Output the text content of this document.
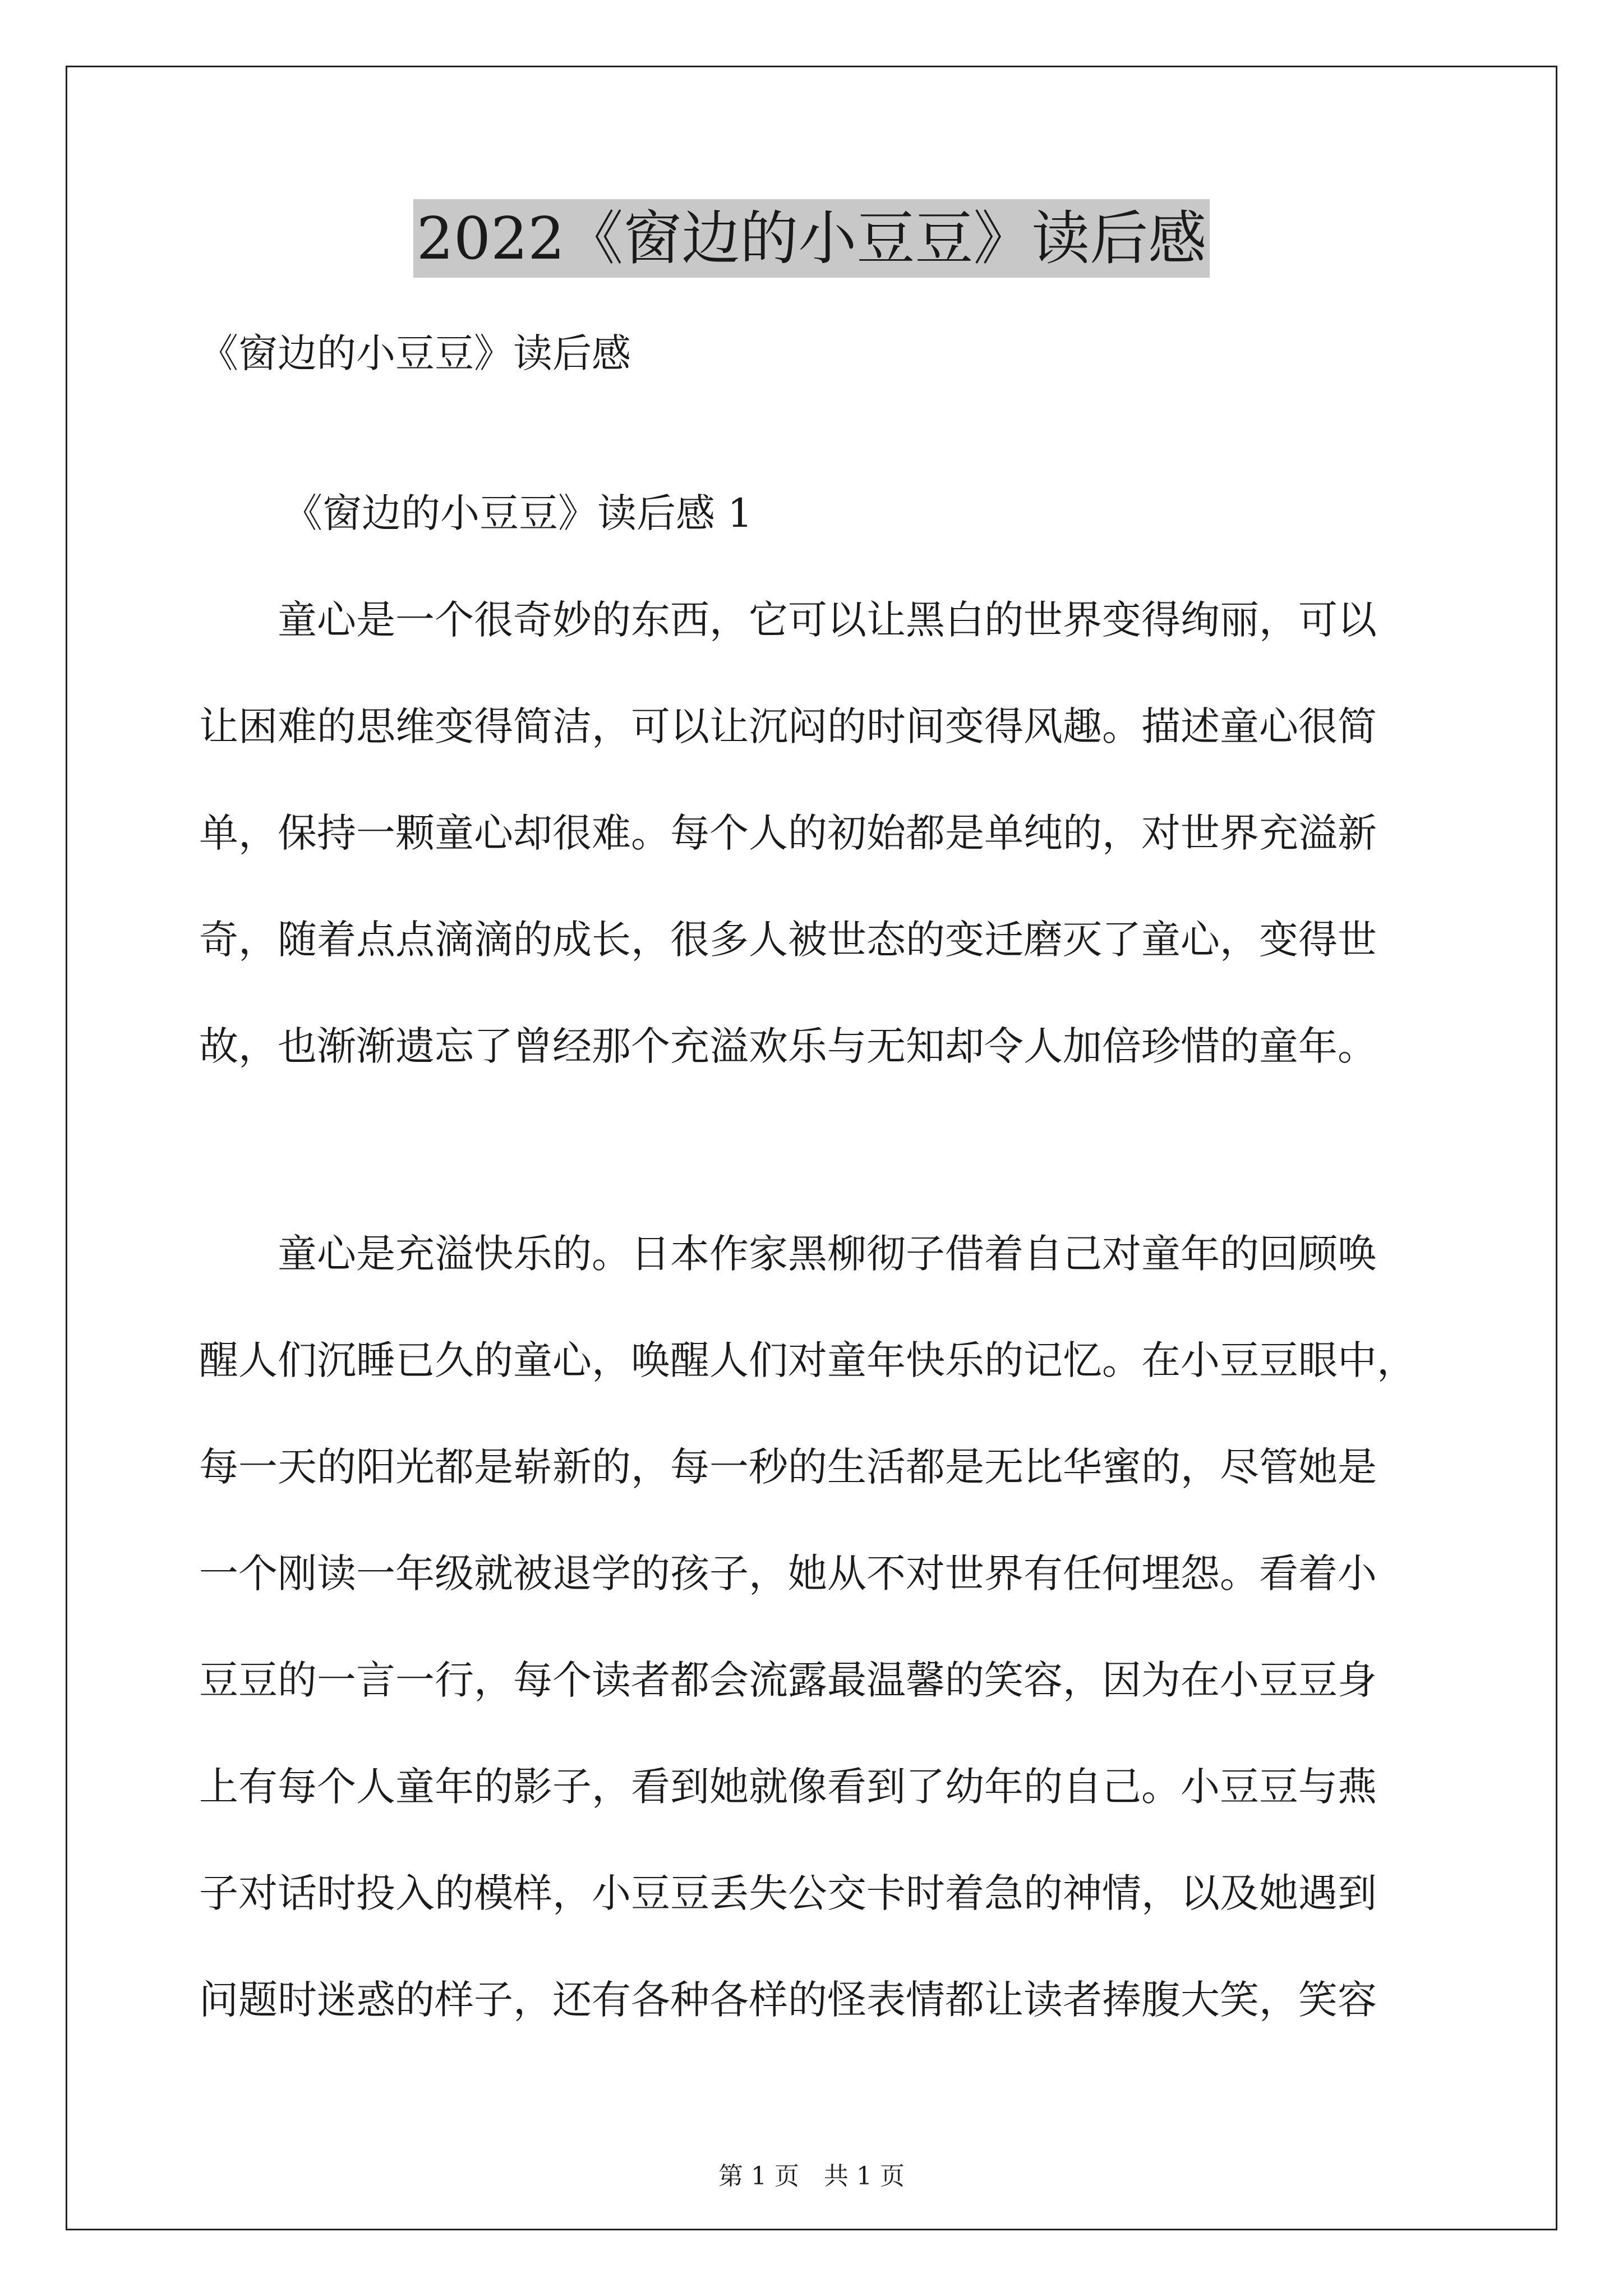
2022《窗边的小豆豆》读后感
《窗边的小豆豆》读后感
《窗边的小豆豆》读后感 1
　　童心是一个很奇妙的东西，它可以让黑白的世界变得绚丽，可以
让困难的思维变得简洁，可以让沉闷的时间变得风趣。描述童心很简
单，保持一颗童心却很难。每个人的初始都是单纯的，对世界充溢新
奇，随着点点滴滴的成长，很多人被世态的变迁磨灭了童心，变得世
故，也渐渐遗忘了曾经那个充溢欢乐与无知却令人加倍珍惜的童年。
　　童心是充溢快乐的。日本作家黑柳彻子借着自己对童年的回顾唤
醒人们沉睡已久的童心，唤醒人们对童年快乐的记忆。在小豆豆眼中，
每一天的阳光都是崭新的，每一秒的生活都是无比华蜜的，尽管她是
一个刚读一年级就被退学的孩子，她从不对世界有任何埋怨。看着小
豆豆的一言一行，每个读者都会流露最温馨的笑容，因为在小豆豆身
上有每个人童年的影子，看到她就像看到了幼年的自己。小豆豆与燕
子对话时投入的模样，小豆豆丢失公交卡时着急的神情，以及她遇到
问题时迷惑的样子，还有各种各样的怪表情都让读者捧腹大笑，笑容
第 1 页　共 1 页
